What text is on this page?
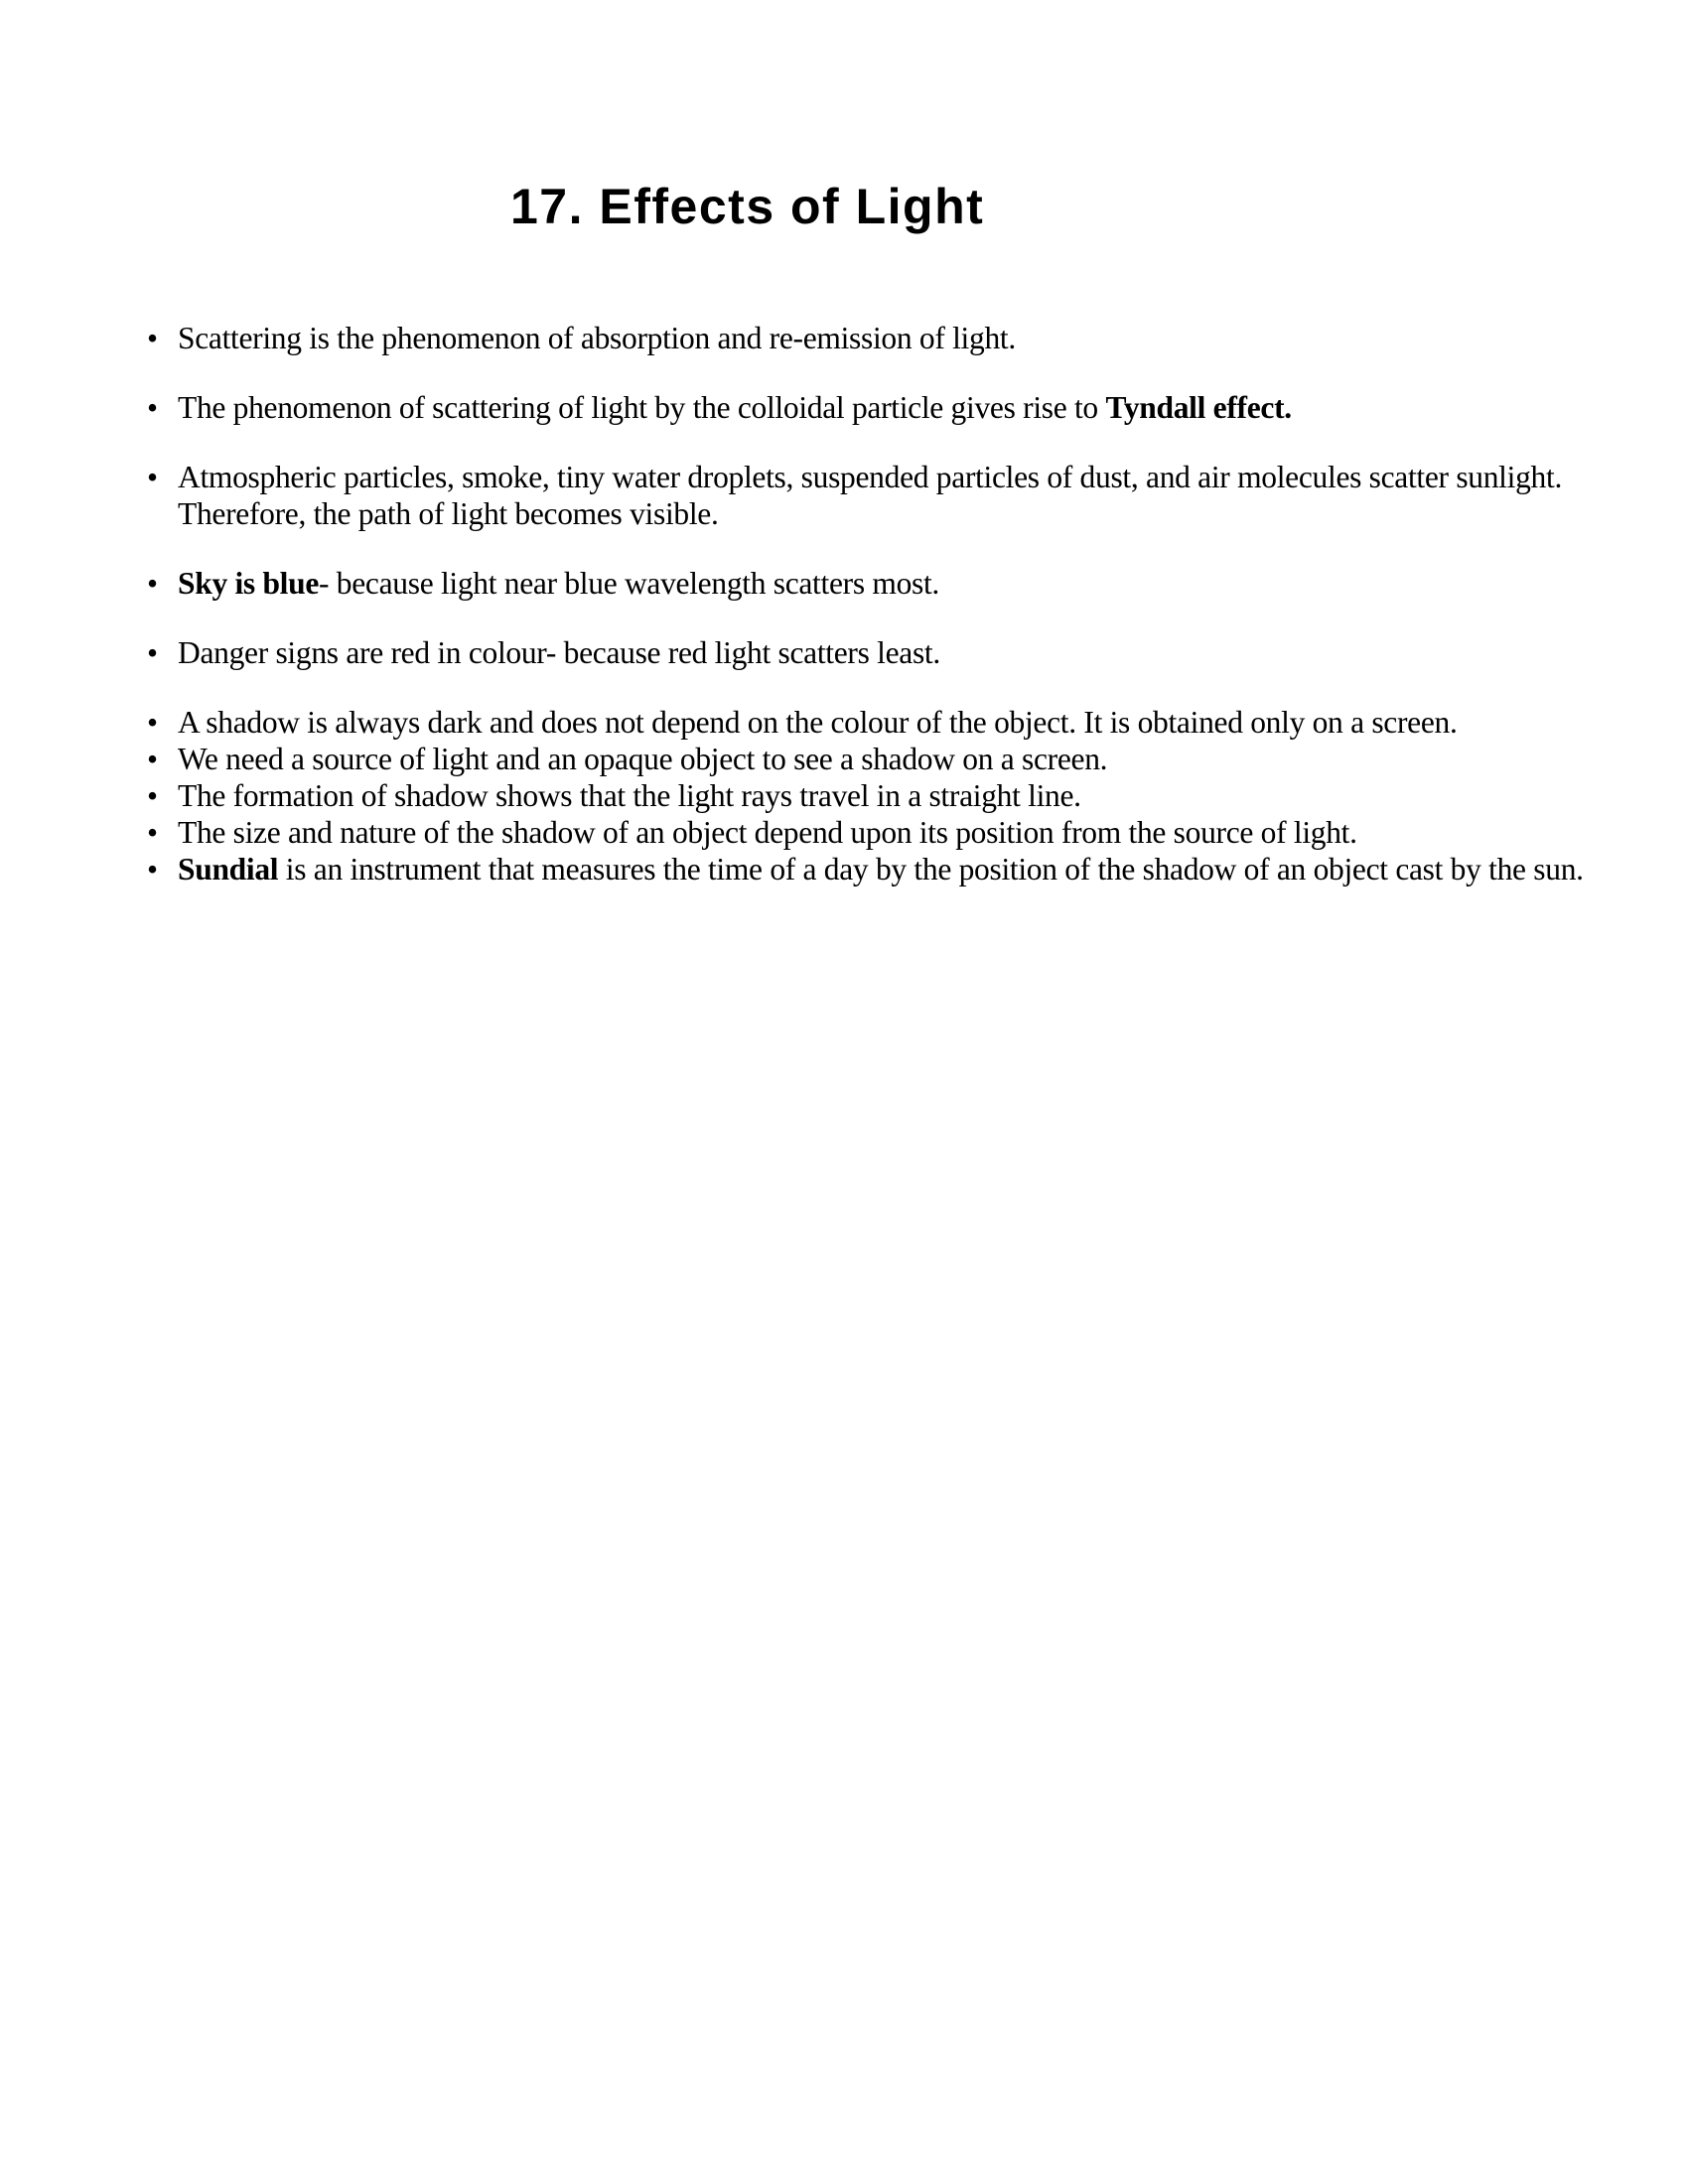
17. Effects of Light
• Scattering is the phenomenon of absorption and re-emission of light.
• The phenomenon of scattering of light by the colloidal particle gives rise to Tyndall effect.
• Atmospheric particles, smoke, tiny water droplets, suspended particles of dust, and air molecules scatter sunlight. Therefore, the path of light becomes visible.
• Sky is blue- because light near blue wavelength scatters most.
• Danger signs are red in colour- because red light scatters least.
• A shadow is always dark and does not depend on the colour of the object. It is obtained only on a screen.
• We need a source of light and an opaque object to see a shadow on a screen.
• The formation of shadow shows that the light rays travel in a straight line.
• The size and nature of the shadow of an object depend upon its position from the source of light.
• Sundial is an instrument that measures the time of a day by the position of the shadow of an object cast by the sun.
